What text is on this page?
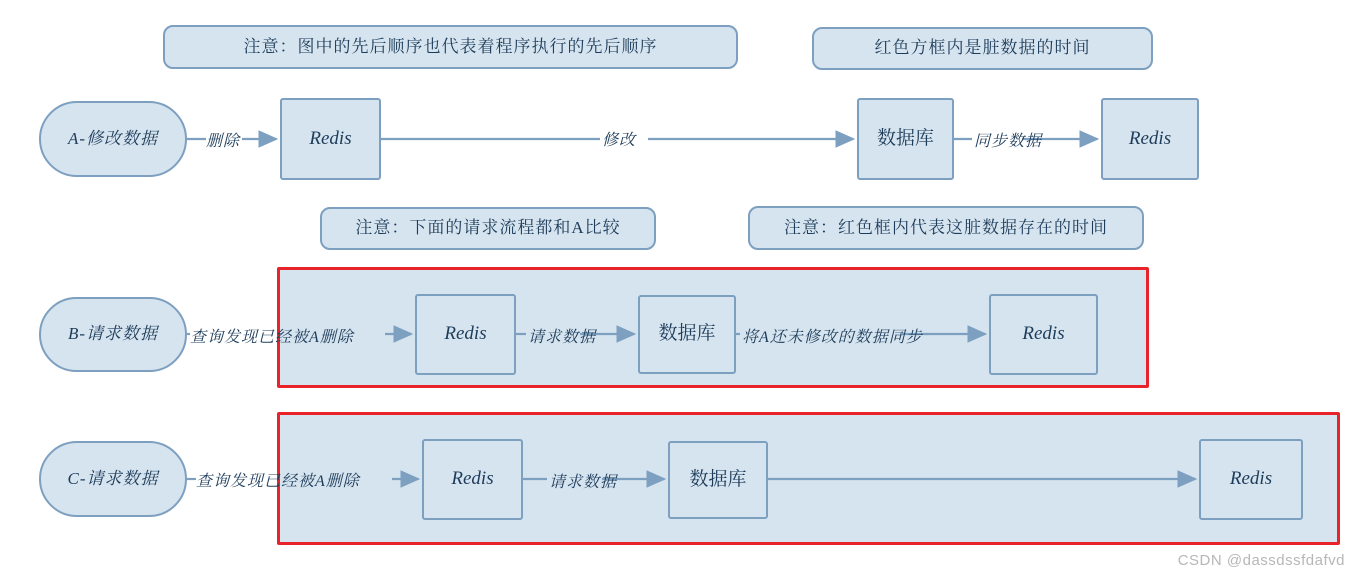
注意：图中的先后顺序也代表着程序执行的先后顺序	红色方框内是脏数据的时间
注意：下面的请求流程都和A比较	注意：红色框内代表这脏数据存在的时间
A-修改数据	Redis	数据库	Redis
删除	修改	同步数据
B-请求数据	Redis	数据库	Redis
查询发现已经被A删除	请求数据	将A还未修改的数据同步
C-请求数据	Redis	数据库	Redis
查询发现已经被A删除	请求数据
CSDN @dassdssfdafvd
